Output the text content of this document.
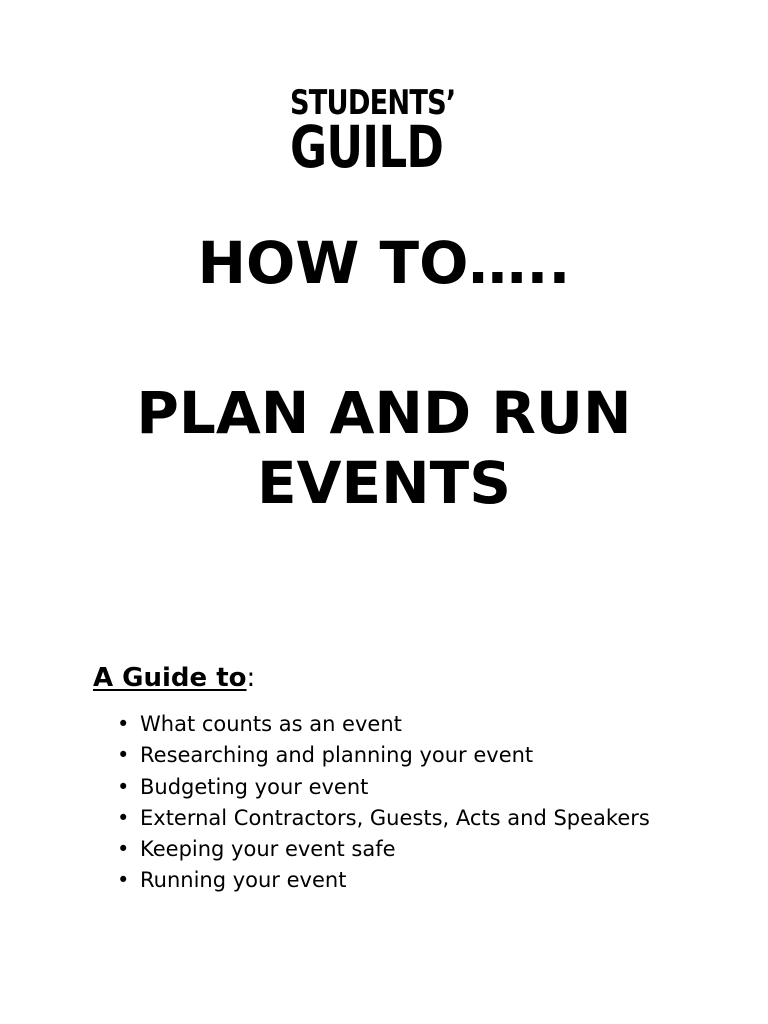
STUDENTS’
GUILD
HOW TO…..
PLAN AND RUN
EVENTS

A Guide to:

• What counts as an event
• Researching and planning your event
• Budgeting your event
• External Contractors, Guests, Acts and Speakers
• Keeping your event safe
• Running your event
